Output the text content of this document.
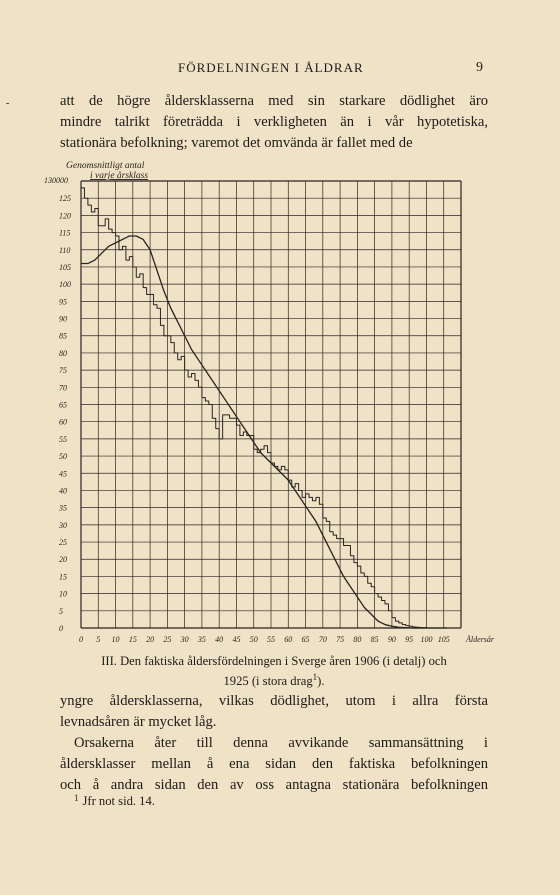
FÖRDELNINGEN I ÅLDRAR	9
-	att de högre åldersklasserna med sin starkare dödlighet äro

mindre talrikt företrädda i verkligheten än i vår hypotetiska,

stationära befolkning; varemot det omvända är fallet med de

125
120
115
110
105
100
95
90
85
80
75
70
65
60
55
50
45
40
35
30
25
20
15
10
5
0
130000
Genomsnittligt antal
i varje årsklass
0 5 10 15 20 25 30 35 40 45 50 55 60 65 70 75 80 85 90 95 100 105 Åldersår
III. Den faktiska åldersfördelningen i Sverge åren 1906 (i detalj) och
1925 (i stora drag$^1$).

yngre åldersklasserna, vilkas dödlighet, utom i allra första

levnadsåren är mycket låg.

Orsakerna åter till denna avvikande sammansättning i

åldersklasser mellan å ena sidan den faktiska befolkningen

och å andra sidan den av oss antagna stationära befolkningen

$^1$ Jfr not sid. 14.
